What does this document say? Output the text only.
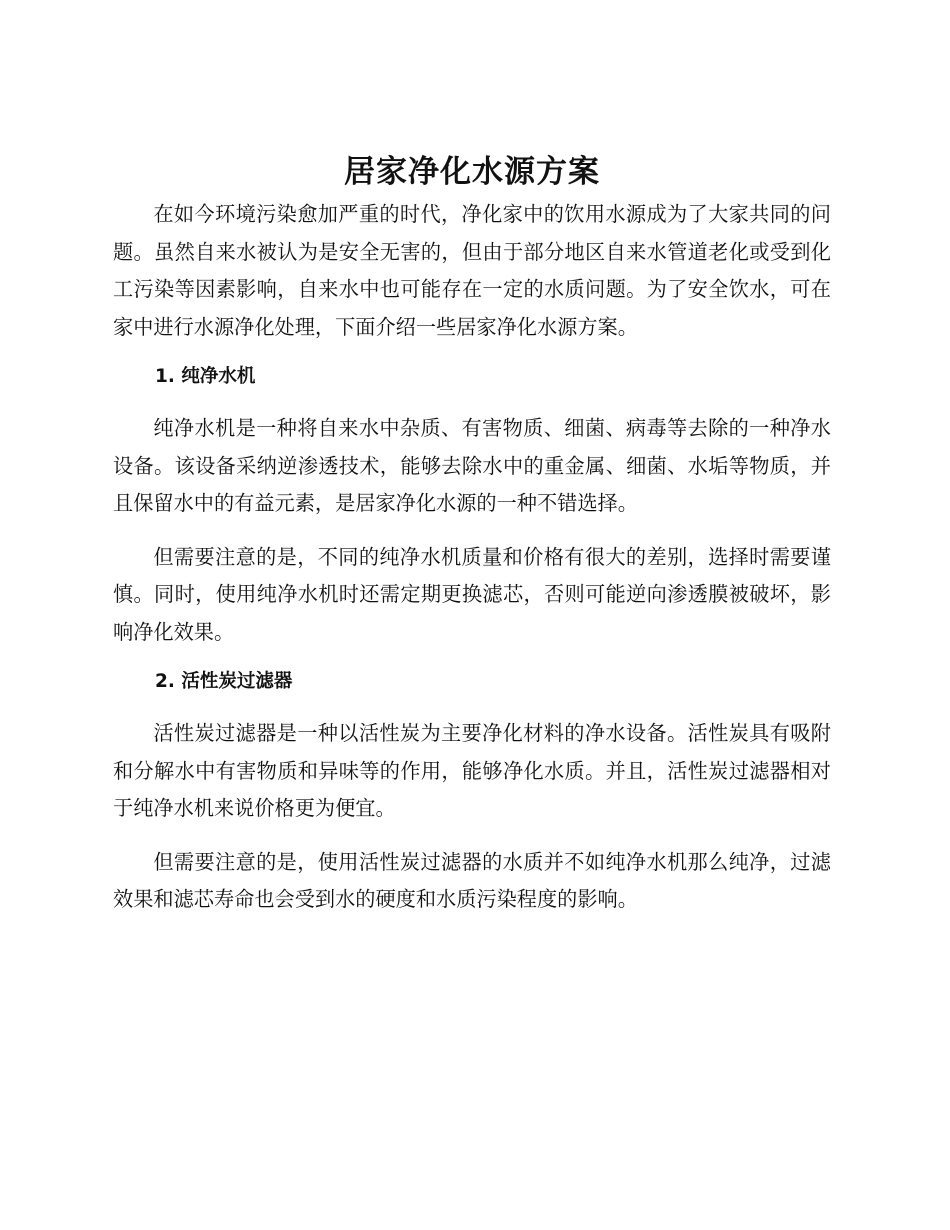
居家净化水源方案

在如今环境污染愈加严重的时代，净化家中的饮用水源成为了大家共同的问题。虽然自来水被认为是安全无害的，但由于部分地区自来水管道老化或受到化工污染等因素影响，自来水中也可能存在一定的水质问题。为了安全饮水，可在家中进行水源净化处理，下面介绍一些居家净化水源方案。

1. 纯净水机

纯净水机是一种将自来水中杂质、有害物质、细菌、病毒等去除的一种净水设备。该设备采纳逆渗透技术，能够去除水中的重金属、细菌、水垢等物质，并且保留水中的有益元素，是居家净化水源的一种不错选择。

但需要注意的是，不同的纯净水机质量和价格有很大的差别，选择时需要谨慎。同时，使用纯净水机时还需定期更换滤芯，否则可能逆向渗透膜被破坏，影响净化效果。

2. 活性炭过滤器

活性炭过滤器是一种以活性炭为主要净化材料的净水设备。活性炭具有吸附和分解水中有害物质和异味等的作用，能够净化水质。并且，活性炭过滤器相对于纯净水机来说价格更为便宜。

但需要注意的是，使用活性炭过滤器的水质并不如纯净水机那么纯净，过滤效果和滤芯寿命也会受到水的硬度和水质污染程度的影响。
